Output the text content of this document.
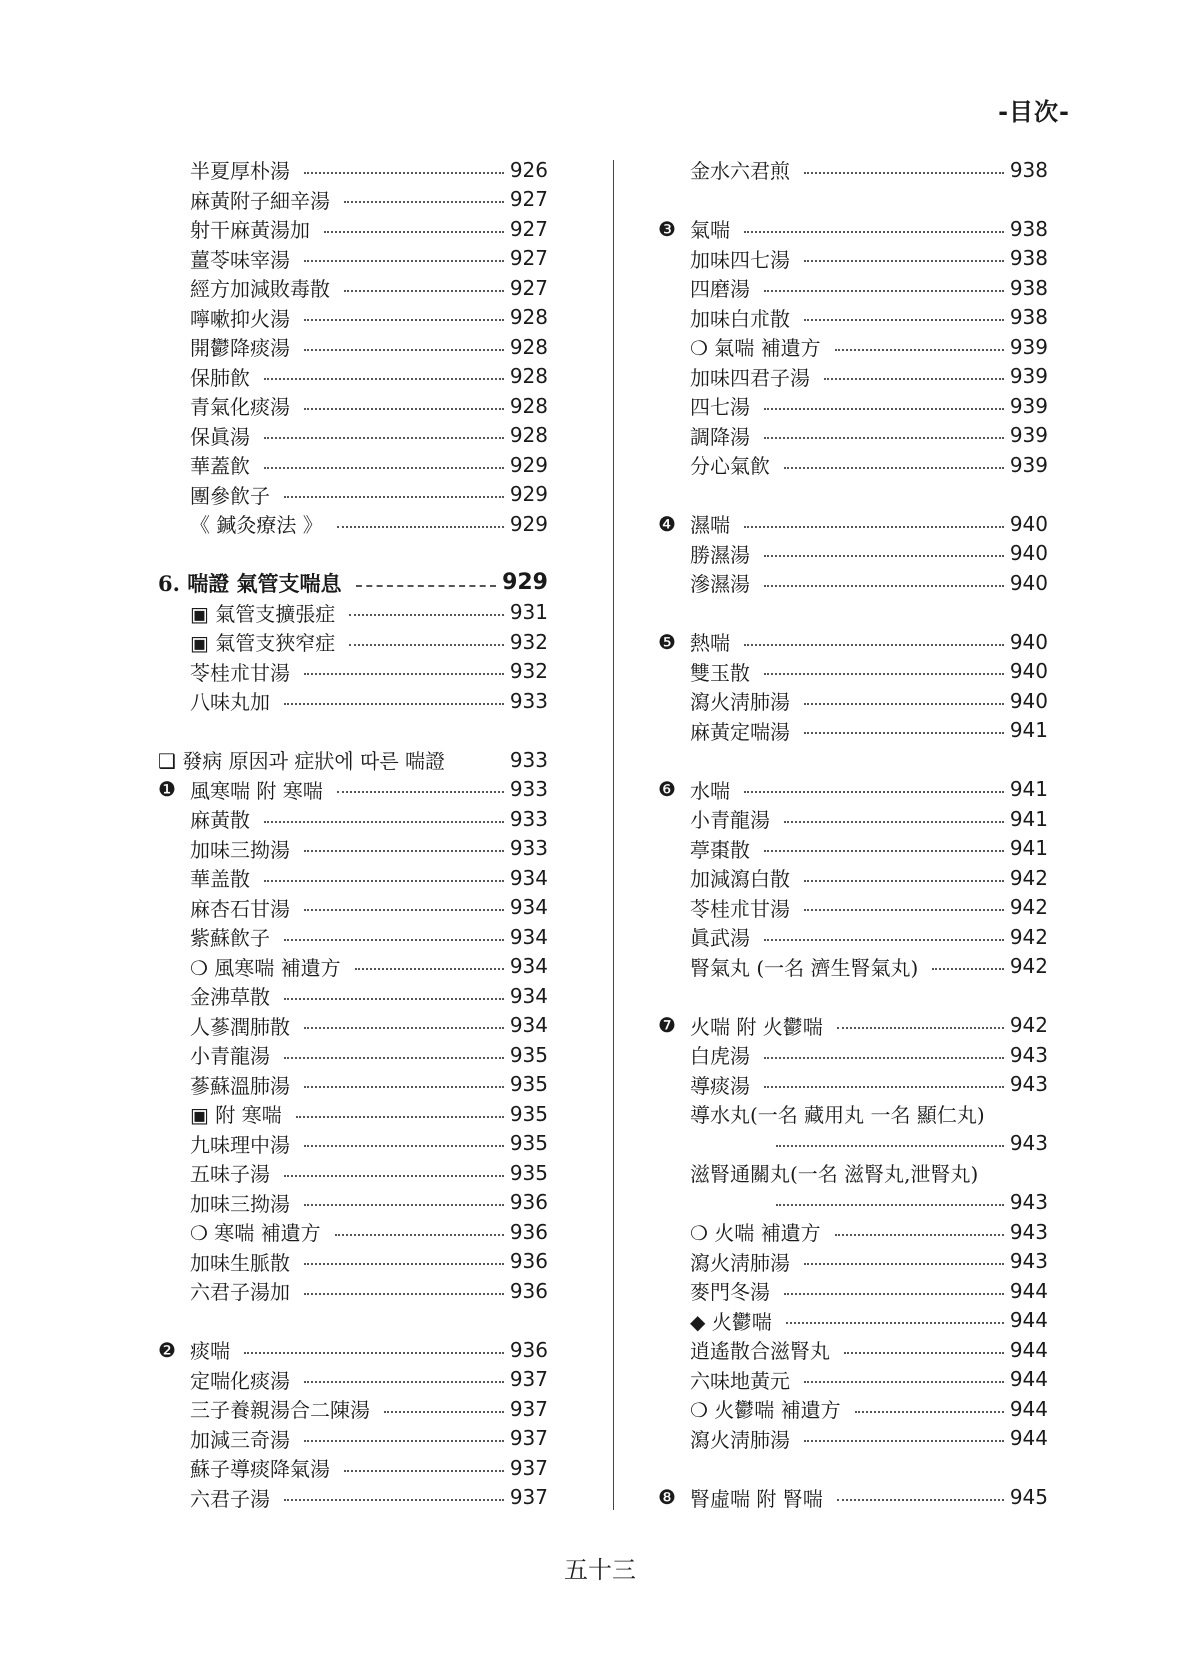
-目次-
半夏厚朴湯	926
麻黃附子細辛湯	927
射干麻黃湯加	927
薑苓味宰湯	927
經方加減敗毒散	927
嚀嗽抑火湯	928
開鬱降痰湯	928
保肺飮	928
青氣化痰湯	928
保眞湯	928
華蓋飮	929
團參飮子	929
《 鍼灸療法 》	929
6. 喘證 氣管支喘息	929
▣ 氣管支擴張症	931
▣ 氣管支狹窄症	932
苓桂朮甘湯	932
八味丸加	933
❑ 發病 原因과 症狀에 따른 喘證	933
❶ 風寒喘 附 寒喘	933
麻黃散	933
加味三拗湯	933
華盖散	934
麻杏石甘湯	934
紫蘇飮子	934
❍ 風寒喘 補遺方	934
金沸草散	934
人蔘潤肺散	934
小青龍湯	935
蔘蘇溫肺湯	935
▣ 附 寒喘	935
九味理中湯	935
五味子湯	935
加味三拗湯	936
❍ 寒喘 補遺方	936
加味生脈散	936
六君子湯加	936
❷ 痰喘	936
定喘化痰湯	937
三子養親湯合二陳湯	937
加減三奇湯	937
蘇子導痰降氣湯	937
六君子湯	937
金水六君煎	938
❸ 氣喘	938
加味四七湯	938
四磨湯	938
加味白朮散	938
❍ 氣喘 補遺方	939
加味四君子湯	939
四七湯	939
調降湯	939
分心氣飮	939
❹ 濕喘	940
勝濕湯	940
滲濕湯	940
❺ 熱喘	940
雙玉散	940
瀉火淸肺湯	940
麻黃定喘湯	941
❻ 水喘	941
小青龍湯	941
葶棗散	941
加減瀉白散	942
苓桂朮甘湯	942
眞武湯	942
腎氣丸 (一名 濟生腎氣丸)	942
❼ 火喘 附 火鬱喘	942
白虎湯	943
導痰湯	943
導水丸(一名 藏用丸 一名 顯仁丸)
943
滋腎通關丸(一名 滋腎丸,泄腎丸)
943
❍ 火喘 補遺方	943
瀉火淸肺湯	943
麥門冬湯	944
◆ 火鬱喘	944
逍遙散合滋腎丸	944
六味地黃元	944
❍ 火鬱喘 補遺方	944
瀉火淸肺湯	944
❽ 腎虛喘 附 腎喘	945
五十三
